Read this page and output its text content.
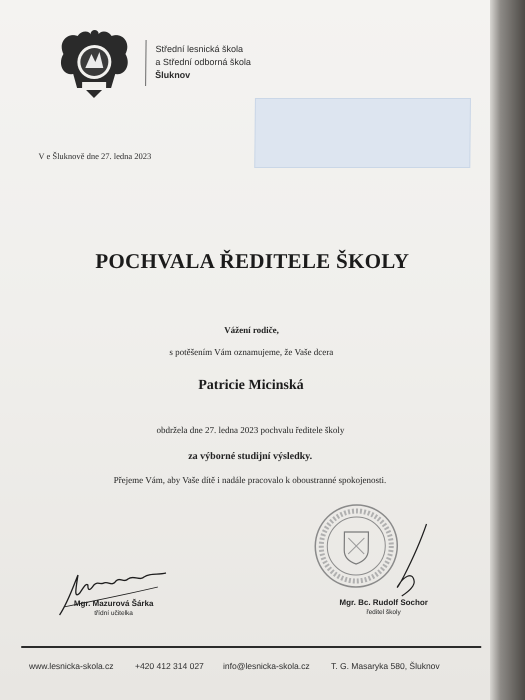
Střední lesnická škola
a Střední odborná škola
Šluknov
V e Šluknově dne 27. ledna 2023
POCHVALA ŘEDITELE ŠKOLY
Vážení rodiče,
s potěšením Vám oznamujeme, že Vaše dcera
Patricie Micinská
obdržela dne 27. ledna 2023 pochvalu ředitele školy
za výborné studijní výsledky.
Přejeme Vám, aby Vaše dítě i nadále pracovalo k oboustranné spokojenosti.
Mgr. Mazurová Šárka
třídní učitelka
Mgr. Bc. Rudolf Sochor
ředitel školy
www.lesnicka-skola.cz	+420 412 314 027 info@lesnicka-skola.cz	T. G. Masaryka 580, Šluknov
